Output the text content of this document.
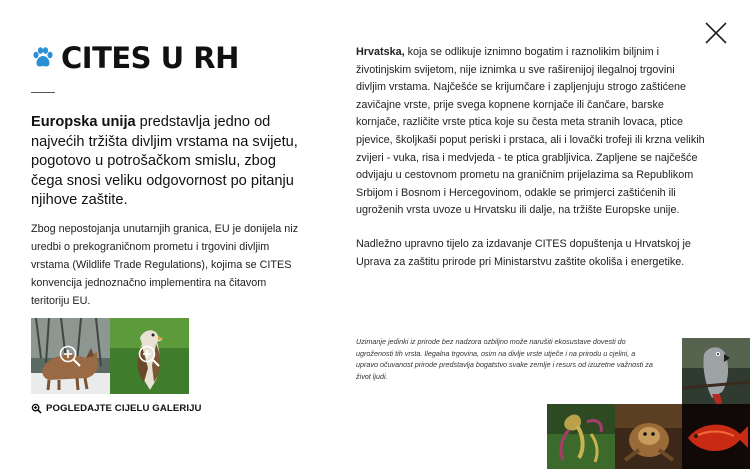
CITES U RH
Europska unija predstavlja jedno od najvećih tržišta divljim vrstama na svijetu, pogotovo u potrošačkom smislu, zbog čega snosi veliku odgovornost po pitanju njihove zaštite.
Zbog nepostojanja unutarnjih granica, EU je donijela niz uredbi o prekograničnom prometu i trgovini divljim vrstama (Wildlife Trade Regulations), kojima se CITES konvencija jednoznačno implementira na čitavom teritoriju EU.
POGLEDAJTE CIJELU GALERIJU

Hrvatska, koja se odlikuje iznimno bogatim i raznolikim biljnim i životinjskim svijetom, nije iznimka u sve raširenijoj ilegalnoj trgovini divljim vrstama. Najčešće se krijumčare i zapljenjuju strogo zaštićene zavičajne vrste, prije svega kopnene kornjače ili čančare, barske kornjače, različite vrste ptica koje su česta meta stranih lovaca, ptice pjevice, školjkaši poput periski i prstaca, ali i lovački trofeji ili krzna velikih zvijeri - vuka, risa i medvjeda - te ptica grabljivica. Zapljene se najčešće odvijaju u cestovnom prometu na graničnim prijelazima sa Republikom Srbijom i Bosnom i Hercegovinom, odakle se primjerci zaštićenih ili ugroženih vrsta uvoze u Hrvatsku ili dalje, na tržište Europske unije.

Nadležno upravno tijelo za izdavanje CITES dopuštenja u Hrvatskoj je Uprava za zaštitu prirode pri Ministarstvu zaštite okoliša i energetike.

Uzimanje jedinki iz prirode bez nadzora ozbiljno može narušiti ekosustave dovesti do ugroženosti tih vrsta. Ilegalna trgovina, osim na divlje vrste utječe i na prirodu u cjelini, a upravo očuvanost prirode predstavlja bogatstvo svake zemlje i resurs od izuzetne važnosti za život ljudi.
